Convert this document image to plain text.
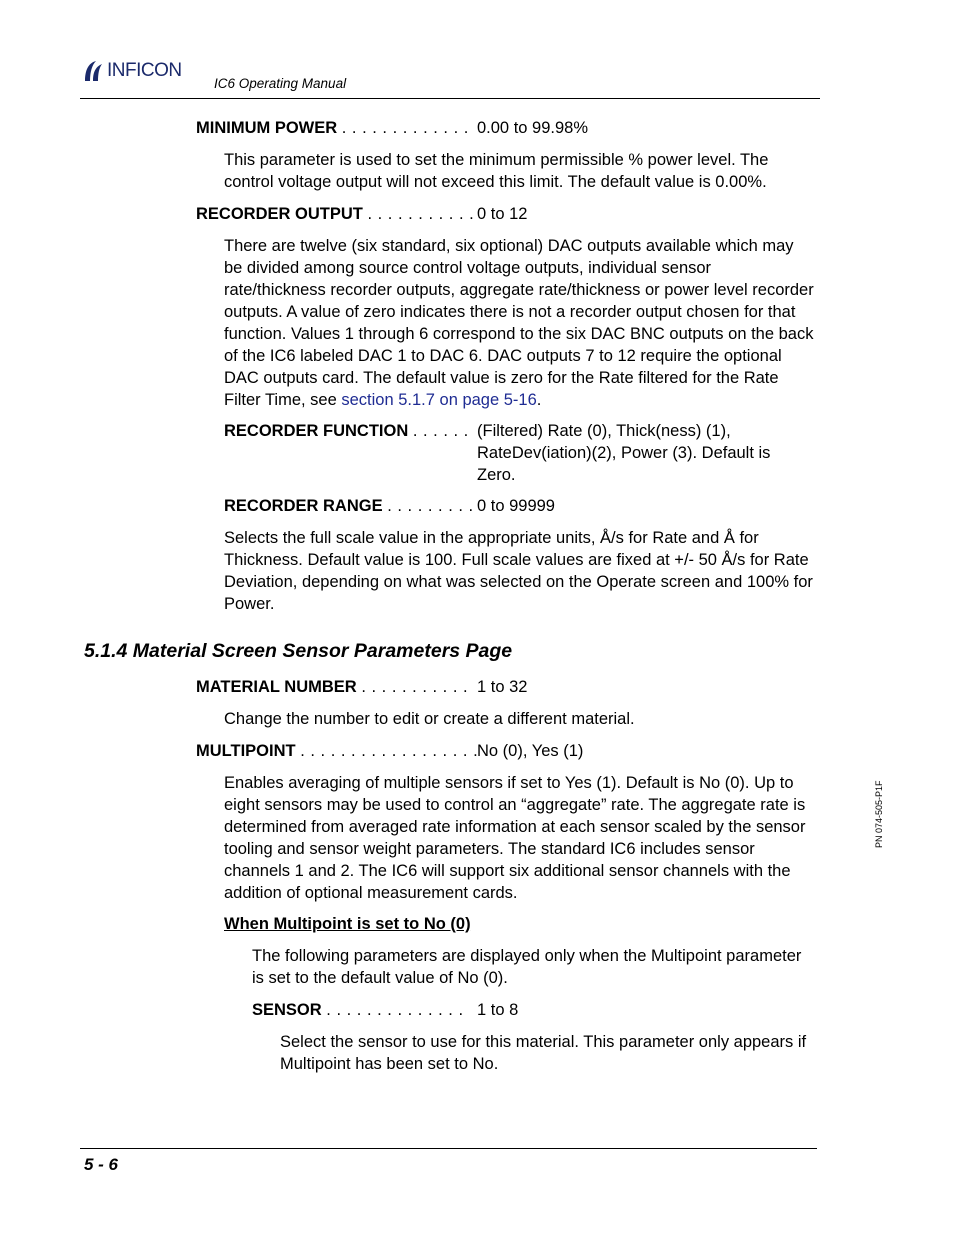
INFICON
IC6 Operating Manual
MINIMUM POWER . . . . . . . . . . . . . 0.00 to 99.98%

This parameter is used to set the minimum permissible % power level. The control voltage output will not exceed this limit. The default value is 0.00%.

RECORDER OUTPUT . . . . . . . . . . . 0 to 12

There are twelve (six standard, six optional) DAC outputs available which may be divided among source control voltage outputs, individual sensor rate/thickness recorder outputs, aggregate rate/thickness or power level recorder outputs. A value of zero indicates there is not a recorder output chosen for that function. Values 1 through 6 correspond to the six DAC BNC outputs on the back of the IC6 labeled DAC 1 to DAC 6. DAC outputs 7 to 12 require the optional DAC outputs card. The default value is zero for the Rate filtered for the Rate Filter Time, see section 5.1.7 on page 5-16.

RECORDER FUNCTION . . . . . . (Filtered) Rate (0), Thick(ness) (1), RateDev(iation)(2), Power (3). Default is Zero.
RECORDER RANGE . . . . . . . . . 0 to 99999

Selects the full scale value in the appropriate units, Å/s for Rate and Å for Thickness. Default value is 100. Full scale values are fixed at +/- 50 Å/s for Rate Deviation, depending on what was selected on the Operate screen and 100% for Power.

5.1.4 Material Screen Sensor Parameters Page
MATERIAL NUMBER . . . . . . . . . . . 1 to 32

Change the number to edit or create a different material.

MULTIPOINT . . . . . . . . . . . . . . . . . .
No (0), Yes (1)

Enables averaging of multiple sensors if set to Yes (1). Default is No (0). Up to eight sensors may be used to control an “aggregate” rate. The aggregate rate is determined from averaged rate information at each sensor scaled by the sensor tooling and sensor weight parameters. The standard IC6 includes sensor channels 1 and 2. The IC6 will support six additional sensor channels with the addition of optional measurement cards.

When Multipoint is set to No (0)

The following parameters are displayed only when the Multipoint parameter is set to the default value of No (0).

SENSOR . . . . . . . . . . . . . . 1 to 8

Select the sensor to use for this material. This parameter only appears if Multipoint has been set to No.

PN 074-505-P1F
5 - 6
